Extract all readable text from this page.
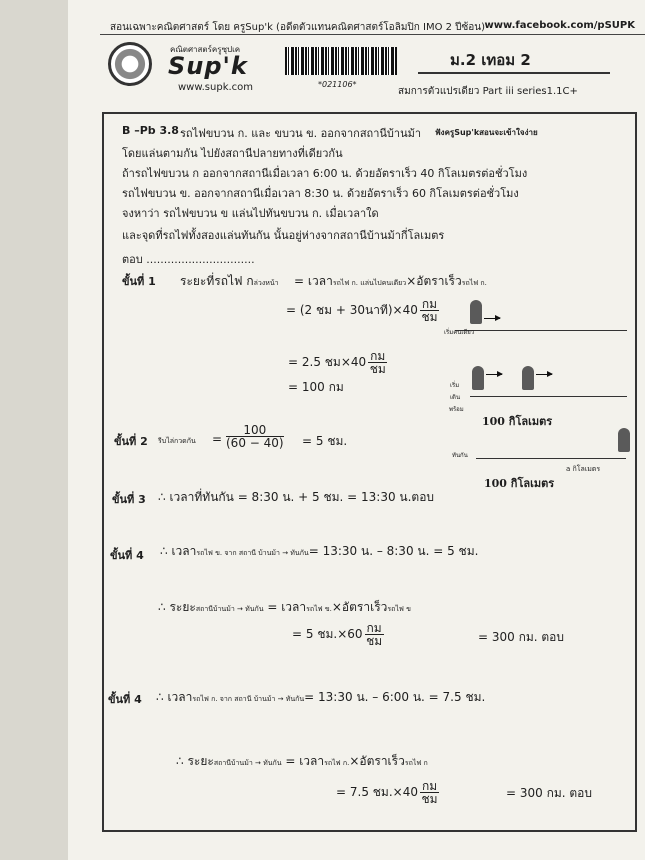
สอนเฉพาะคณิตศาสตร์ โดย ครูSup'k (อดีตตัวแทนคณิตศาสตร์โอลิมปิก IMO 2 ปีซ้อน) www.facebook.com/pSUPK
คณิตศาสตร์ครูซุปเค
Sup'k
www.supk.com	*021106*
ม.2 เทอม 2
สมการตัวแปรเดียว Part iii series1.1C+
B –Pb 3.8 รถไฟขบวน ก. และ ขบวน ข. ออกจากสถานีบ้านม้า ฟังครูSup'kสอนจะเข้าใจง่าย
โดยแล่นตามกัน ไปยังสถานีปลายทางที่เดียวกัน
ถ้ารถไฟขบวน ก ออกจากสถานีเมื่อเวลา 6:00 น. ด้วยอัตราเร็ว 40 กิโลเมตรต่อชั่วโมง
รถไฟขบวน ข. ออกจากสถานีเมื่อเวลา 8:30 น. ด้วยอัตราเร็ว 60 กิโลเมตรต่อชั่วโมง
จงหาว่า รถไฟขบวน ข แล่นไปทันขบวน ก. เมื่อเวลาใด
และจุดที่รถไฟทั้งสองแล่นทันกัน นั้นอยู่ห่างจากสถานีบ้านม้ากี่โลเมตร
ตอบ ...............................
ขั้นที่ 1 ระยะที่รถไฟ กล่วงหน้า = เวลารถไฟ ก. แล่นไปคนเดียว×อัตราเร็วรถไฟ ก.
= (2 ชม + 30นาที)$\times 40 \frac{\text{กม}}{\text{ชม}}$
= 2.5 ชม$\times 40 \frac{\text{กม}}{\text{ชม}}$
= 100 กม
เริ่มคนเดียว
เริ่ม
เดิน
พร้อม
100 กิโลเมตร
ทันกัน
a กิโลเมตร
100 กิโลเมตร
ขั้นที่ 2 รีบไล่กวดกัน = $\frac{100}{(60 - 40)} = 5$ ชม.
ขั้นที่ 3 ∴ เวลาที่ทันกัน = 8:30 น. + 5 ชม. = 13:30 น.ตอบ
ขั้นที่ 4 ∴ เวลารถไฟ ข. จาก สถานี บ้านม้า → ทันกัน= 13:30 น. – 8:30 น. = 5 ชม.
∴ ระยะสถานีบ้านม้า → ทันกัน = เวลารถไฟ ข.×อัตราเร็วรถไฟ ข
= 5 ชม$.\times 60 \frac{\text{กม}}{\text{ชม}}$	= 300 กม. ตอบ
ขั้นที่ 4 ∴ เวลารถไฟ ก. จาก สถานี บ้านม้า → ทันกัน= 13:30 น. – 6:00 น. = 7.5 ชม.
∴ ระยะสถานีบ้านม้า → ทันกัน = เวลารถไฟ ก.×อัตราเร็วรถไฟ ก
= 7.5 ชม$.\times 40 \frac{\text{กม}}{\text{ชม}}$	= 300 กม. ตอบ
